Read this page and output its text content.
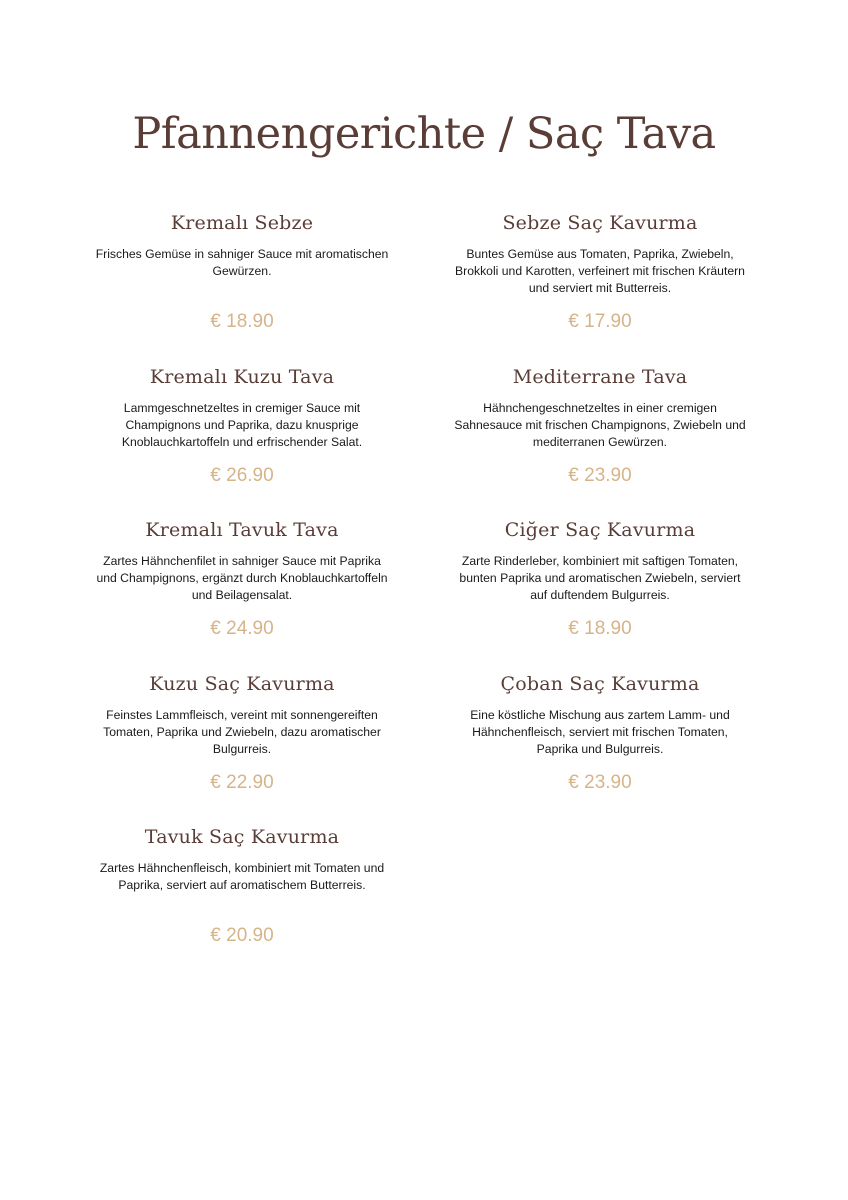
Pfannengerichte / Saç Tava
Kremalı Sebze

Frisches Gemüse in sahniger Sauce mit aromatischen Gewürzen.

€ 18.90
Sebze Saç Kavurma

Buntes Gemüse aus Tomaten, Paprika, Zwiebeln, Brokkoli und Karotten, verfeinert mit frischen Kräutern und serviert mit Butterreis.

€ 17.90
Kremalı Kuzu Tava

Lammgeschnetzeltes in cremiger Sauce mit Champignons und Paprika, dazu knusprige Knoblauchkartoffeln und erfrischender Salat.

€ 26.90
Mediterrane Tava

Hähnchengeschnetzeltes in einer cremigen Sahnesauce mit frischen Champignons, Zwiebeln und mediterranen Gewürzen.

€ 23.90
Kremalı Tavuk Tava

Zartes Hähnchenfilet in sahniger Sauce mit Paprika und Champignons, ergänzt durch Knoblauchkartoffeln und Beilagensalat.

€ 24.90
Ciğer Saç Kavurma

Zarte Rinderleber, kombiniert mit saftigen Tomaten, bunten Paprika und aromatischen Zwiebeln, serviert auf duftendem Bulgurreis.

€ 18.90
Kuzu Saç Kavurma

Feinstes Lammfleisch, vereint mit sonnengereiften Tomaten, Paprika und Zwiebeln, dazu aromatischer Bulgurreis.

€ 22.90
Çoban Saç Kavurma

Eine köstliche Mischung aus zartem Lamm- und Hähnchenfleisch, serviert mit frischen Tomaten, Paprika und Bulgurreis.

€ 23.90
Tavuk Saç Kavurma

Zartes Hähnchenfleisch, kombiniert mit Tomaten und Paprika, serviert auf aromatischem Butterreis.

€ 20.90
